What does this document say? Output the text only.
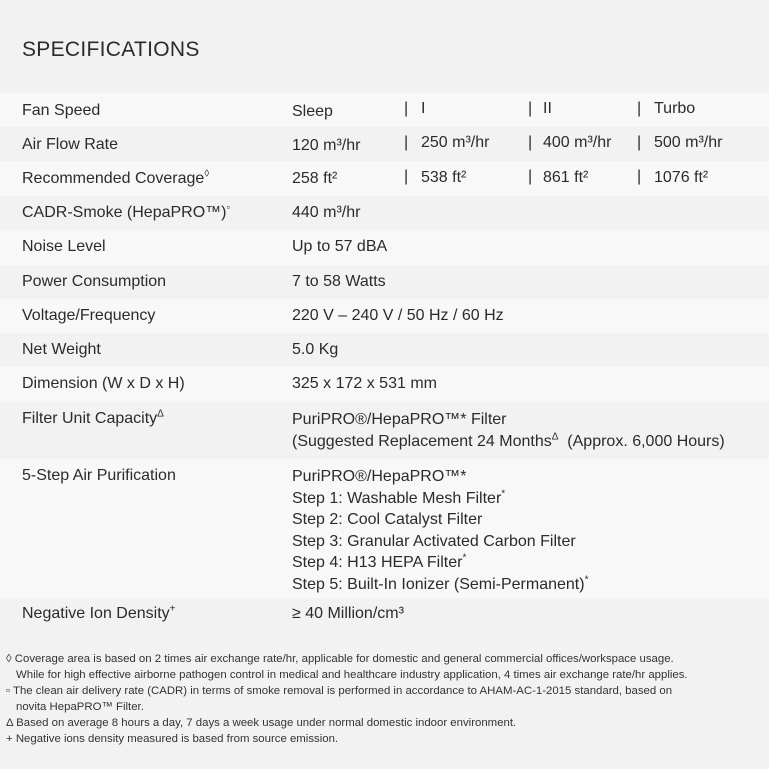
SPECIFICATIONS
Fan Speed	Sleep	| I	| II	| Turbo
Air Flow Rate	120 m³/hr	| 250 m³/hr | 400 m³/hr | 500 m³/hr
Recommended Coverage◊	258 ft²	| 538 ft²	| 861 ft²	| 1076 ft²
CADR-Smoke (HepaPRO™)▫	440 m³/hr
Noise Level	Up to 57 dBA
Power Consumption	7 to 58 Watts
Voltage/Frequency	220 V – 240 V / 50 Hz / 60 Hz
Net Weight	5.0 Kg
Dimension (W x D x H)	325 x 172 x 531 mm
Filter Unit Capacity$^\Delta$	PuriPRO®/HepaPRO™* Filter
(Suggested Replacement 24 Months$^\Delta$ (Approx. 6,000 Hours)
5-Step Air Purification	PuriPRO®/HepaPRO™*
Step 1: Washable Mesh Filter*
Step 2: Cool Catalyst Filter
Step 3: Granular Activated Carbon Filter
Step 4: H13 HEPA Filter*
Step 5: Built-In Ionizer (Semi-Permanent)*
Negative Ion Density+	≥ 40 Million/cm³
◊ Coverage area is based on 2 times air exchange rate/hr, applicable for domestic and general commercial offices/workspace usage.
While for high effective airborne pathogen control in medical and healthcare industry application, 4 times air exchange rate/hr applies.
▫ The clean air delivery rate (CADR) in terms of smoke removal is performed in accordance to AHAM-AC-1-2015 standard, based on
novita HepaPRO™ Filter.
Δ Based on average 8 hours a day, 7 days a week usage under normal domestic indoor environment.
+ Negative ions density measured is based from source emission.
